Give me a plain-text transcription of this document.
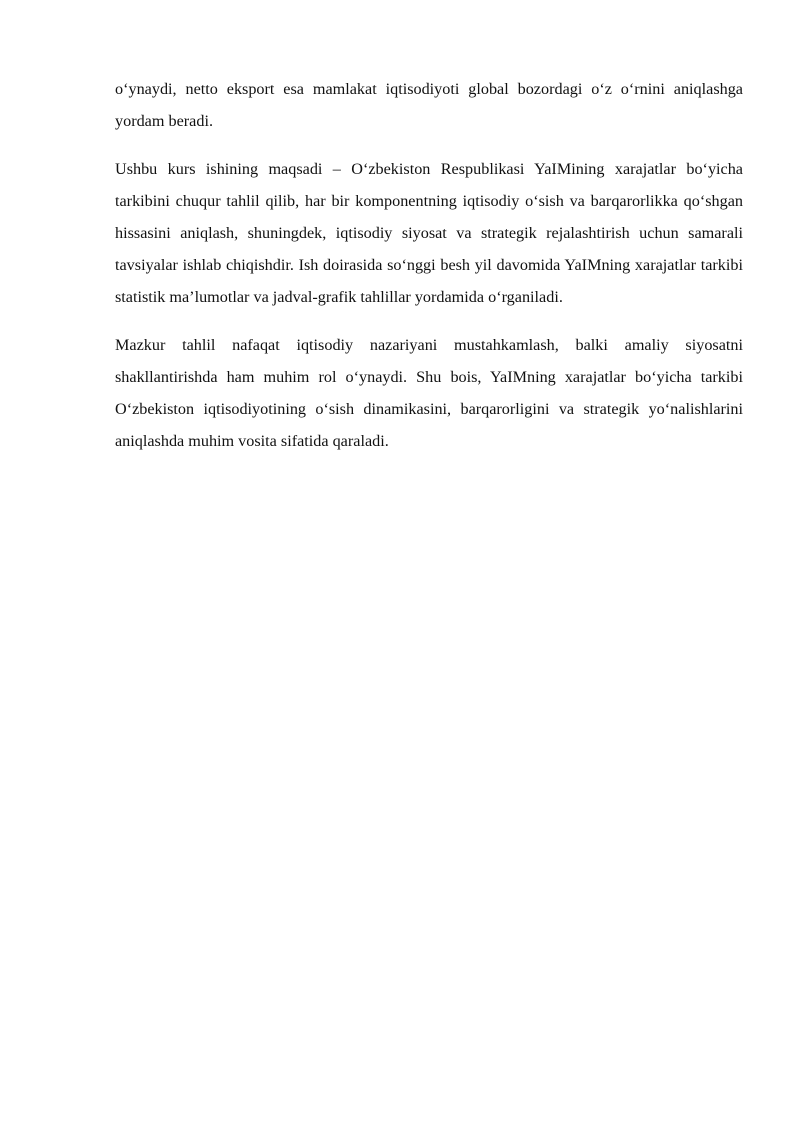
o‘ynaydi, netto eksport esa mamlakat iqtisodiyoti global bozordagi o‘z o‘rnini aniqlashga yordam beradi.

Ushbu kurs ishining maqsadi – O‘zbekiston Respublikasi YaIMining xarajatlar bo‘yicha tarkibini chuqur tahlil qilib, har bir komponentning iqtisodiy o‘sish va barqarorlikka qo‘shgan hissasini aniqlash, shuningdek, iqtisodiy siyosat va strategik rejalashtirish uchun samarali tavsiyalar ishlab chiqishdir. Ish doirasida so‘nggi besh yil davomida YaIMning xarajatlar tarkibi statistik ma’lumotlar va jadval-grafik tahlillar yordamida o‘rganiladi.

Mazkur tahlil nafaqat iqtisodiy nazariyani mustahkamlash, balki amaliy siyosatni shakllantirishda ham muhim rol o‘ynaydi. Shu bois, YaIMning xarajatlar bo‘yicha tarkibi O‘zbekiston iqtisodiyotining o‘sish dinamikasini, barqarorligini va strategik yo‘nalishlarini aniqlashda muhim vosita sifatida qaraladi.
